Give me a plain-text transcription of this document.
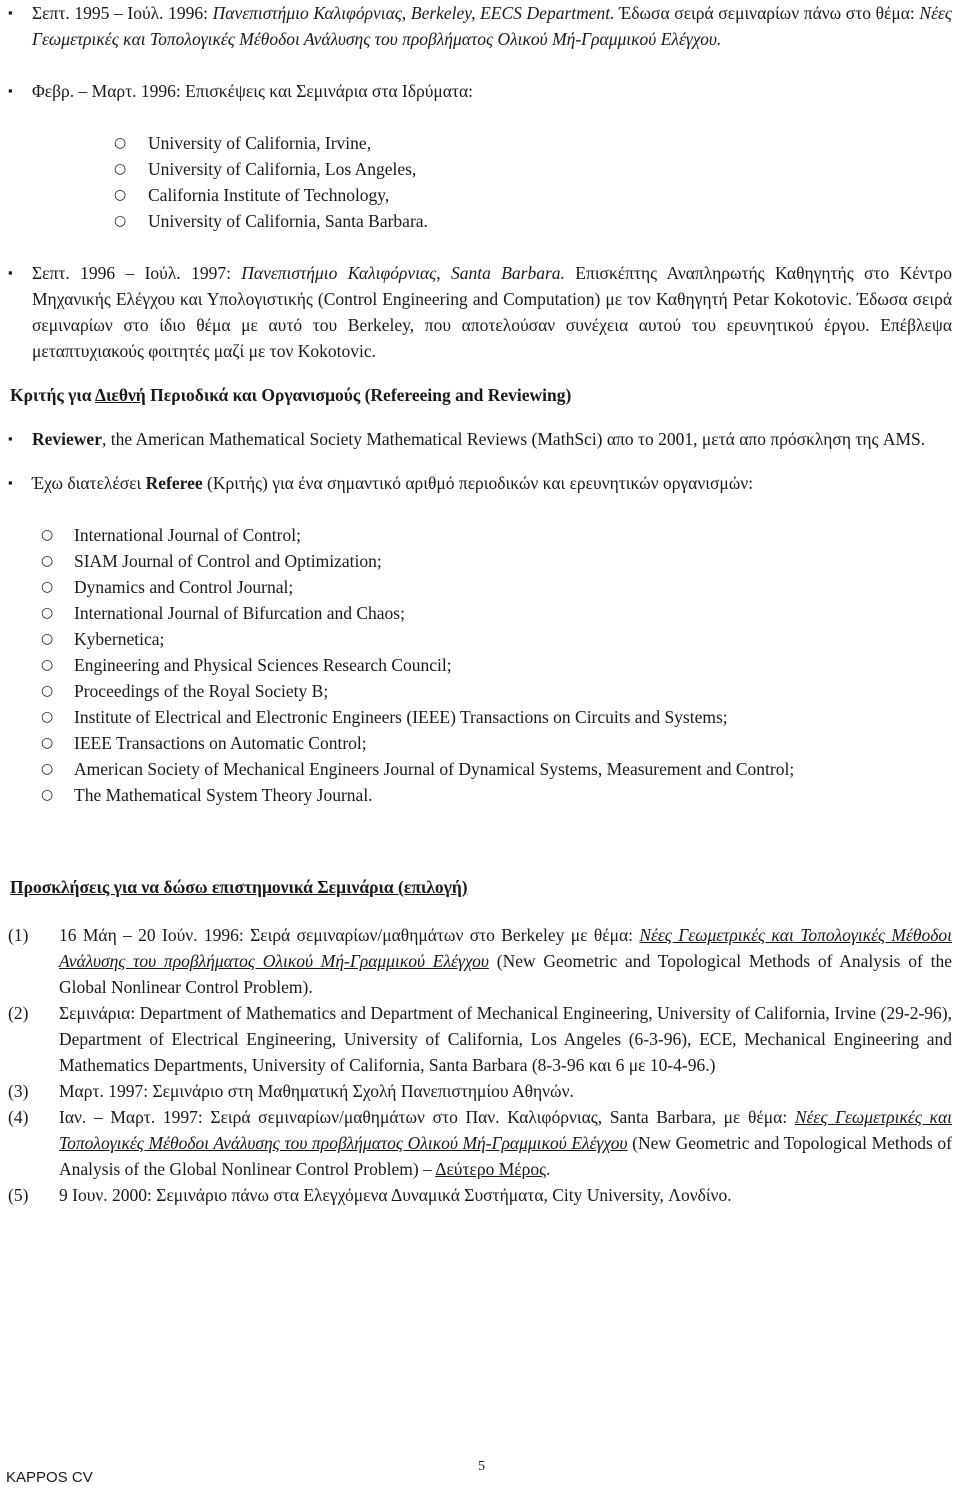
▪	Σεπτ. 1995 – Ιούλ. 1996: Πανεπιστήμιο Καλιφόρνιας, Berkeley, EECS Department. Έδωσα σειρά σεμιναρίων πάνω στο θέμα: Νέες Γεωμετρικές και Τοπολογικές Μέθοδοι Ανάλυσης του προβλήματος Ολικού Μή-Γραμμικού Ελέγχου.
▪	Φεβρ. – Μαρτ. 1996: Επισκέψεις και Σεμινάρια στα Ιδρύματα:
○ University of California, Irvine,
○ University of California, Los Angeles,
○ California Institute of Technology,
○ University of California, Santa Barbara.
▪	Σεπτ. 1996 – Ιούλ. 1997: Πανεπιστήμιο Καλιφόρνιας, Santa Barbara. Επισκέπτης Αναπληρωτής Καθηγητής στο Κέντρο Μηχανικής Ελέγχου και Υπολογιστικής (Control Engineering and Computation) με τον Καθηγητή Petar Kokotovic. Έδωσα σειρά σεμιναρίων στο ίδιο θέμα με αυτό του Berkeley, που αποτελούσαν συνέχεια αυτού του ερευνητικού έργου. Επέβλεψα μεταπτυχιακούς φοιτητές μαζί με τον Kokotovic.
Κριτής για Διεθνή Περιοδικά και Οργανισμούς (Refereeing and Reviewing)
▪	Reviewer, the American Mathematical Society Mathematical Reviews (MathSci) απο το 2001, μετά απο πρόσκληση της AMS.
▪	Έχω διατελέσει Referee (Κριτής) για ένα σημαντικό αριθμό περιοδικών και ερευνητικών οργανισμών:
○ International Journal of Control;
○ SIAM Journal of Control and Optimization;
○ Dynamics and Control Journal;
○ International Journal of Bifurcation and Chaos;
○ Kybernetica;
○ Engineering and Physical Sciences Research Council;
○ Proceedings of the Royal Society B;
○ Institute of Electrical and Electronic Engineers (IEEE) Transactions on Circuits and Systems;
○ IEEE Transactions on Automatic Control;
○ American Society of Mechanical Engineers Journal of Dynamical Systems, Measurement and Control;
○ The Mathematical System Theory Journal.
Προσκλήσεις για να δώσω επιστημονικά Σεμινάρια (επιλογή)
(1) 16 Μάη – 20 Ιούν. 1996: Σειρά σεμιναρίων/μαθημάτων στο Berkeley με θέμα: Νέες Γεωμετρικές και Τοπολογικές Μέθοδοι Ανάλυσης του προβλήματος Ολικού Μή-Γραμμικού Ελέγχου (New Geometric and Topological Methods of Analysis of the Global Nonlinear Control Problem).
(2) Σεμινάρια: Department of Mathematics and Department of Mechanical Engineering, University of California, Irvine (29-2-96), Department of Electrical Engineering, University of California, Los Angeles (6-3-96), ECE, Mechanical Engineering and Mathematics Departments, University of California, Santa Barbara (8-3-96 και 6 με 10-4-96.)
(3) Μαρτ. 1997: Σεμινάριο στη Μαθηματική Σχολή Πανεπιστημίου Αθηνών.
(4) Ιαν. – Μαρτ. 1997: Σειρά σεμιναρίων/μαθημάτων στο Παν. Καλιφόρνιας, Santa Barbara, με θέμα: Νέες Γεωμετρικές και Τοπολογικές Μέθοδοι Ανάλυσης του προβλήματος Ολικού Μή-Γραμμικού Ελέγχου (New Geometric and Topological Methods of Analysis of the Global Nonlinear Control Problem) – Δεύτερο Μέρος.
(5) 9 Ιουν. 2000: Σεμινάριο πάνω στα Ελεγχόμενα Δυναμικά Συστήματα, City University, Λονδίνο.
KAPPOS CV
5
